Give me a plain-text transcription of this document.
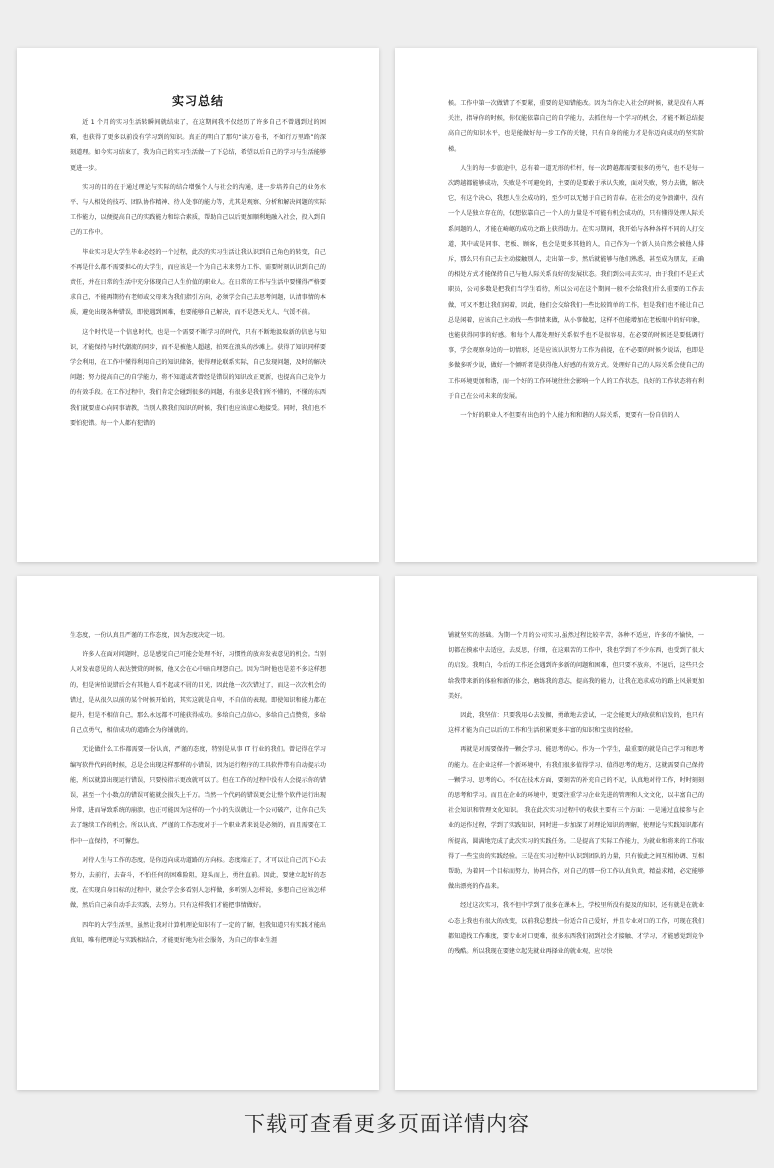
实习总结

近 1 个月的实习生活转瞬间就结束了，在这期间我不仅经历了许多自己不曾遇到过的困难，也获得了更多以前没有学习到的知识。真正的明白了那句“读万卷书，不如行万里路”的深刻道理。如今实习结束了，我为自己的实习生活做一了下总结，希望以后自己的学习与生活能够更进一步。

实习的目的在于通过理论与实际的结合增强个人与社会的沟通，进一步培养自己的业务水平、与人相处的技巧、团队协作精神、待人处事的能力等，尤其是观察、分析和解决问题的实际工作能力，以便提高自己的实践能力和综合素质，帮助自己以后更加顺利地融入社会，投入到自己的工作中。

毕业实习是大学生毕业必经的一个过程，此次的实习生活让我认识到自己角色的转变，自己不再是什么都不需要担心的大学生，而应该是一个为自己未来努力工作、需要时刻认识到自己的责任，并在日常的生活中充分体现自己人生价值的职业人。在日常的工作与生活中要懂得严格要求自己，不能再期待有老师或父母来为我们指引方向，必须学会自己去思考问题，认清事情的本质，避免出现各种错误，即使遇到困难，也要能够自己解决，而不是怨天尤人、气馁不前。

这个时代是一个信息时代，也是一个需要不断学习的时代，只有不断地汲取新的信息与知识，才能保持与时代潮流的同步，而不是被他人超越，拍死在浪头的沙滩上。获得了知识同样要学会利用，在工作中懂得利用自己的知识储备，使得理论联系实际，自己发现问题，及时的解决问题；努力提高自己的自学能力，将不知道或者曾经是错误的知识改正更新，也提高自己竞争力的有效手段。在工作过程中，我们肯定会碰到很多的问题，有很多是我们所不懂的，不懂的东西我们就要虚心向同事请教，当别人教我们知识的时候，我们也应该虚心地接受。同时，我们也不要怕犯错。每一个人都有犯错的

候。工作中第一次做错了不要紧，重要的是知错能改。因为当你走入社会的时候，就是没有人再关注，指导你的时候，你仅能依靠自己的自学能力，去抓住每一个学习的机会，才能不断总结提高自己的知识水平，也是能做好每一步工作的关键，只有自身的能力才是你迈向成功的坚实阶梯。

人生的每一步旅途中，总有着一道无形的栏杆，每一次跨越都需要很多的勇气，也不是每一次跨越都能够成功，失败是不可避免的，主要的是要敢于承认失败，面对失败，努力去做，解决它，有这个决心，我想人生会成功的，至少可以无憾于自己的青春。在社会的竞争浪潮中，没有一个人是独立存在的，仅想依靠自己一个人的力量是不可能有机会成功的，只有懂得处理人际关系问题的人，才能在崎岖的成功之路上获得助力。在实习期间，我开始与各种各样不同的人打交道，其中或是同事、老板、顾客，也会是更多其他的人，自己作为一个新人员自然会被他人排斥，那么只有自己去主动接触别人，走出第一步，然后就能够与他们熟悉，甚至成为朋友，正确的相处方式才能保持自己与他人际关系良好的发展状态。我们到公司去实习，由于我们不是正式职员，公司多数是把我们当学生看待，所以公司在这个期间一般不会给我们什么重要的工作去做，可又不想让我们闲着，因此，他们会交给我们一些比较简单的工作，但是我们也不能让自己总是闲着，应该自己主动找一些事情来做，从小事做起，这样不但能增加在老板眼中的好印象，也能获得同事的好感。和每个人都处理好关系似乎也不是很容易，在必要的时候还是要低调行事，学会观察身边的一切情形，还是应该认识努力工作为前提，在不必要的时候少说话，也即是多做多听少说，做好一个倾听者是获得他人好感的有效方式。处理好自己的人际关系会使自己的工作环境更加和谐，而一个好的工作环境往往会影响一个人的工作状态，良好的工作状态将有利于自己在公司未来的发展。

一个好的职业人不但要有出色的个人能力和和谐的人际关系，更要有一份自信的人

生态度，一份认真且严谨的工作态度，因为态度决定一切。

许多人在面对问题时，总是感觉自己可能会处理不好，习惯性的放弃发表意见的机会。当别人对发表意见的人表达赞赏的时候，他又会在心中暗自埋怨自己。因为当时他也是差不多这样想的，但是害怕说错后会有其他人看不起或不屑的目光，因此他一次次错过了，而这一次次机会的错过，是从很久以前的某个时候开始的，其实这就是自卑，不自信的表现。即使知识和能力都在提升，但是不相信自己，那么永远都不可能获得成功。多给自己点信心，多给自己点赞赏，多给自己点勇气，相信成功的道路会为你铺就的。

无论做什么工作都需要一份认真，严谨的态度，特别是从事 IT 行业的我们。曾记得在学习编写软件代码的时候，总是会出现这样那样的小错误，因为运行程序的工具软件带有自动提示功能，所以就算出现运行错误，只要按指示更改就可以了。但在工作的过程中没有人会提示你的错误，甚至一个小数点的错误可能就会损失上千万。当然一个代码的错误更会让整个软件运行出现异常，进而导致系统的崩溃，也正可能因为这样的一个小的失误就让一个公司破产，让你自己失去了继续工作的机会。所以认真、严谨的工作态度对于一个职业者来说是必须的，而且需要在工作中一直保持，不可懈怠。

对待人生与工作的态度，是你迈向成功道路的方向标。态度端正了，才可以让自己沉下心去努力，去前行，去奋斗，不怕任何的困难险阻，迎头而上，勇往直前。因此，要建立起好的态度，在实现自身目标的过程中，就会学会多看别人怎样做，多听别人怎样说，多想自己应该怎样做，然后自己亲自动手去实践，去努力。只有这样我们才能把事情做好。

四年的大学生活里，虽然让我对计算机理论知识有了一定的了解，但我知道只有实践才能出真知，唯有把理论与实践相结合，才能更好地为社会服务，为自己的事业生涯

铺就坚实的基础。为期一个月的公司实习,虽然过程比较辛苦，各种不适应，许多的不愉快，一切都在摸索中去适应，去反思，仔细，在这艰苦的工作中，我也学到了不少东西，也受到了很大的启发。我明白，今后的工作还会遇到许多新的问题和困难，但只要不放弃，不退后，这些只会给我带来新的体验和新的体会，磨练我的意志，提高我的能力，让我在追求成功的路上风景更加美好。

因此，我坚信：只要我用心去发掘，勇敢地去尝试，一定会能更大的收获和启发的，也只有这样才能为自己以后的工作和生活积累更多丰富的知识和宝贵的经验。

再就是对需要保持一颗会学习、能思考的心。作为一个学生，最重要的就是自己学习和思考的能力。在企业这样一个新环境中，有我们很多值得学习、值得思考的地方，这就需要自己保持一颗学习、思考的心。不仅在技术方面，要刻苦的补充自己的不足，认真地对待工作，时时刻刻的思考和学习。而且在企业的环境中，更要注重学习企业先进的管理和人文文化，以丰富自己的社会知识和管理文化知识。 我在此次实习过程中的收获主要有三个方面：一是通过直接参与企业的运作过程，学到了实践知识，同时进一步加深了对理论知识的理解，使理论与实践知识都有所提高，圆满地完成了此次实习的实践任务。二是提高了实际工作能力，为就业和将来的工作取得了一些宝贵的实践经验。三是在实习过程中认识到团队的力量，只有彼此之间互相协调、互相帮助，为着同一个目标而努力，协同合作，对自己的那一份工作认真负责，精益求精，必定能够做出漂亮的作品来。

经过这次实习，我不但中学到了很多在课本上，学校里所没有提及的知识，还有就是在就业心态上我也有很大的改变，以前我总想找一份适合自己爱好，并且专业对口的工作，可现在我们都知道找工作难度，要专业对口更难，很多东西我们初到社会才接触、才学习，才能感觉到竞争的残酷。所以我现在要建立起先就业再择业的就业观，应尽快

下载可查看更多页面详情内容
